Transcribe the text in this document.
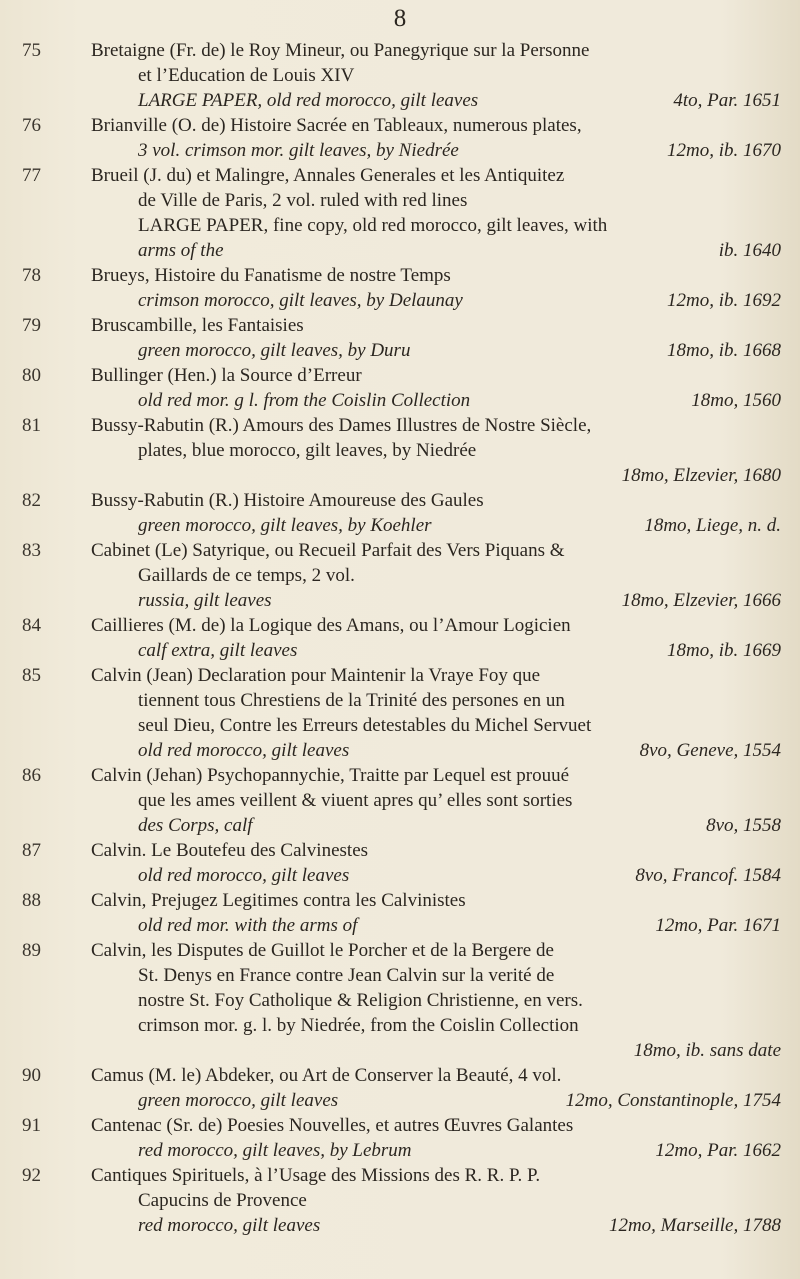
8
75	Bretaigne (Fr. de) le Roy Mineur, ou Panegyrique sur la Personne
et l’Education de Louis XIV
LARGE PAPER, old red morocco, gilt leaves	4to, Par. 1651
76	Brianville (O. de) Histoire Sacrée en Tableaux, numerous plates,
3 vol. crimson mor. gilt leaves, by Niedrée	12mo, ib. 1670
77	Brueil (J. du) et Malingre, Annales Generales et les Antiquitez
de Ville de Paris, 2 vol. ruled with red lines
LARGE PAPER, fine copy, old red morocco, gilt leaves, with
arms of the	ib. 1640
78	Brueys, Histoire du Fanatisme de nostre Temps
crimson morocco, gilt leaves, by Delaunay	12mo, ib. 1692
79	Bruscambille, les Fantaisies
green morocco, gilt leaves, by Duru	18mo, ib. 1668
80	Bullinger (Hen.) la Source d’Erreur
old red mor. g l. from the Coislin Collection	18mo, 1560
81	Bussy-Rabutin (R.) Amours des Dames Illustres de Nostre Siècle,
plates, blue morocco, gilt leaves, by Niedrée
18mo, Elzevier, 1680
82	Bussy-Rabutin (R.) Histoire Amoureuse des Gaules
green morocco, gilt leaves, by Koehler	18mo, Liege, n. d.
83	Cabinet (Le) Satyrique, ou Recueil Parfait des Vers Piquans &
Gaillards de ce temps, 2 vol.
russia, gilt leaves	18mo, Elzevier, 1666
84	Caillieres (M. de) la Logique des Amans, ou l’Amour Logicien
calf extra, gilt leaves	18mo, ib. 1669
85	Calvin (Jean) Declaration pour Maintenir la Vraye Foy que
tiennent tous Chrestiens de la Trinité des persones en un
seul Dieu, Contre les Erreurs detestables du Michel Servuet
old red morocco, gilt leaves	8vo, Geneve, 1554
86	Calvin (Jehan) Psychopannychie, Traitte par Lequel est prouué
que les ames veillent & viuent apres qu’ elles sont sorties
des Corps, calf	8vo, 1558
87	Calvin. Le Boutefeu des Calvinestes
old red morocco, gilt leaves	8vo, Francof. 1584
88	Calvin, Prejugez Legitimes contra les Calvinistes
old red mor. with the arms of	12mo, Par. 1671
89	Calvin, les Disputes de Guillot le Porcher et de la Bergere de
St. Denys en France contre Jean Calvin sur la verité de
nostre St. Foy Catholique & Religion Christienne, en vers.
crimson mor. g. l. by Niedrée, from the Coislin Collection
18mo, ib. sans date
90	Camus (M. le) Abdeker, ou Art de Conserver la Beauté, 4 vol.
green morocco, gilt leaves	12mo, Constantinople, 1754
91	Cantenac (Sr. de) Poesies Nouvelles, et autres Œuvres Galantes
red morocco, gilt leaves, by Lebrum	12mo, Par. 1662
92	Cantiques Spirituels, à l’Usage des Missions des R. R. P. P.
Capucins de Provence
red morocco, gilt leaves	12mo, Marseille, 1788
